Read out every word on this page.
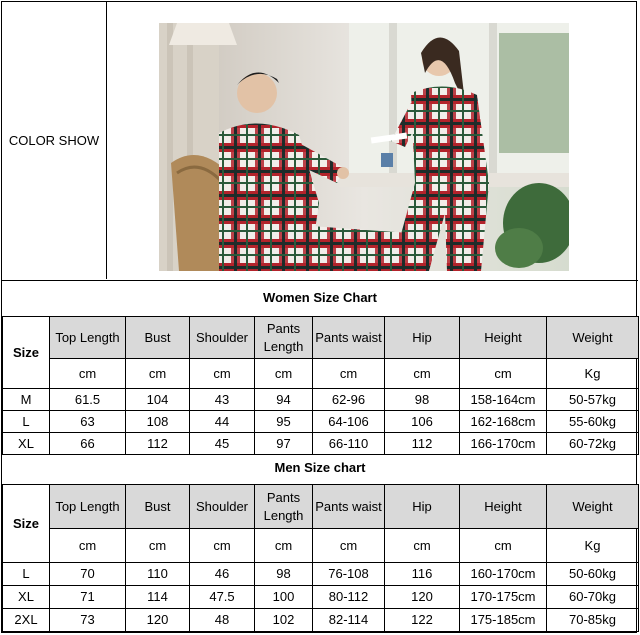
COLOR SHOW
Women Size Chart
Size	Top Length	Bust	Shoulder	Pants Length	Pants waist	Hip	Height	Weight
	cm	cm	cm	cm	cm	cm	cm	Kg
M	61.5	104	43	94	62-96	98	158-164cm	50-57kg
L	63	108	44	95	64-106	106	162-168cm	55-60kg
XL	66	112	45	97	66-110	112	166-170cm	60-72kg
Men Size chart
Size	Top Length	Bust	Shoulder	Pants Length	Pants waist	Hip	Height	Weight
	cm	cm	cm	cm	cm	cm	cm	Kg
L	70	110	46	98	76-108	116	160-170cm	50-60kg
XL	71	114	47.5	100	80-112	120	170-175cm	60-70kg
2XL	73	120	48	102	82-114	122	175-185cm	70-85kg
